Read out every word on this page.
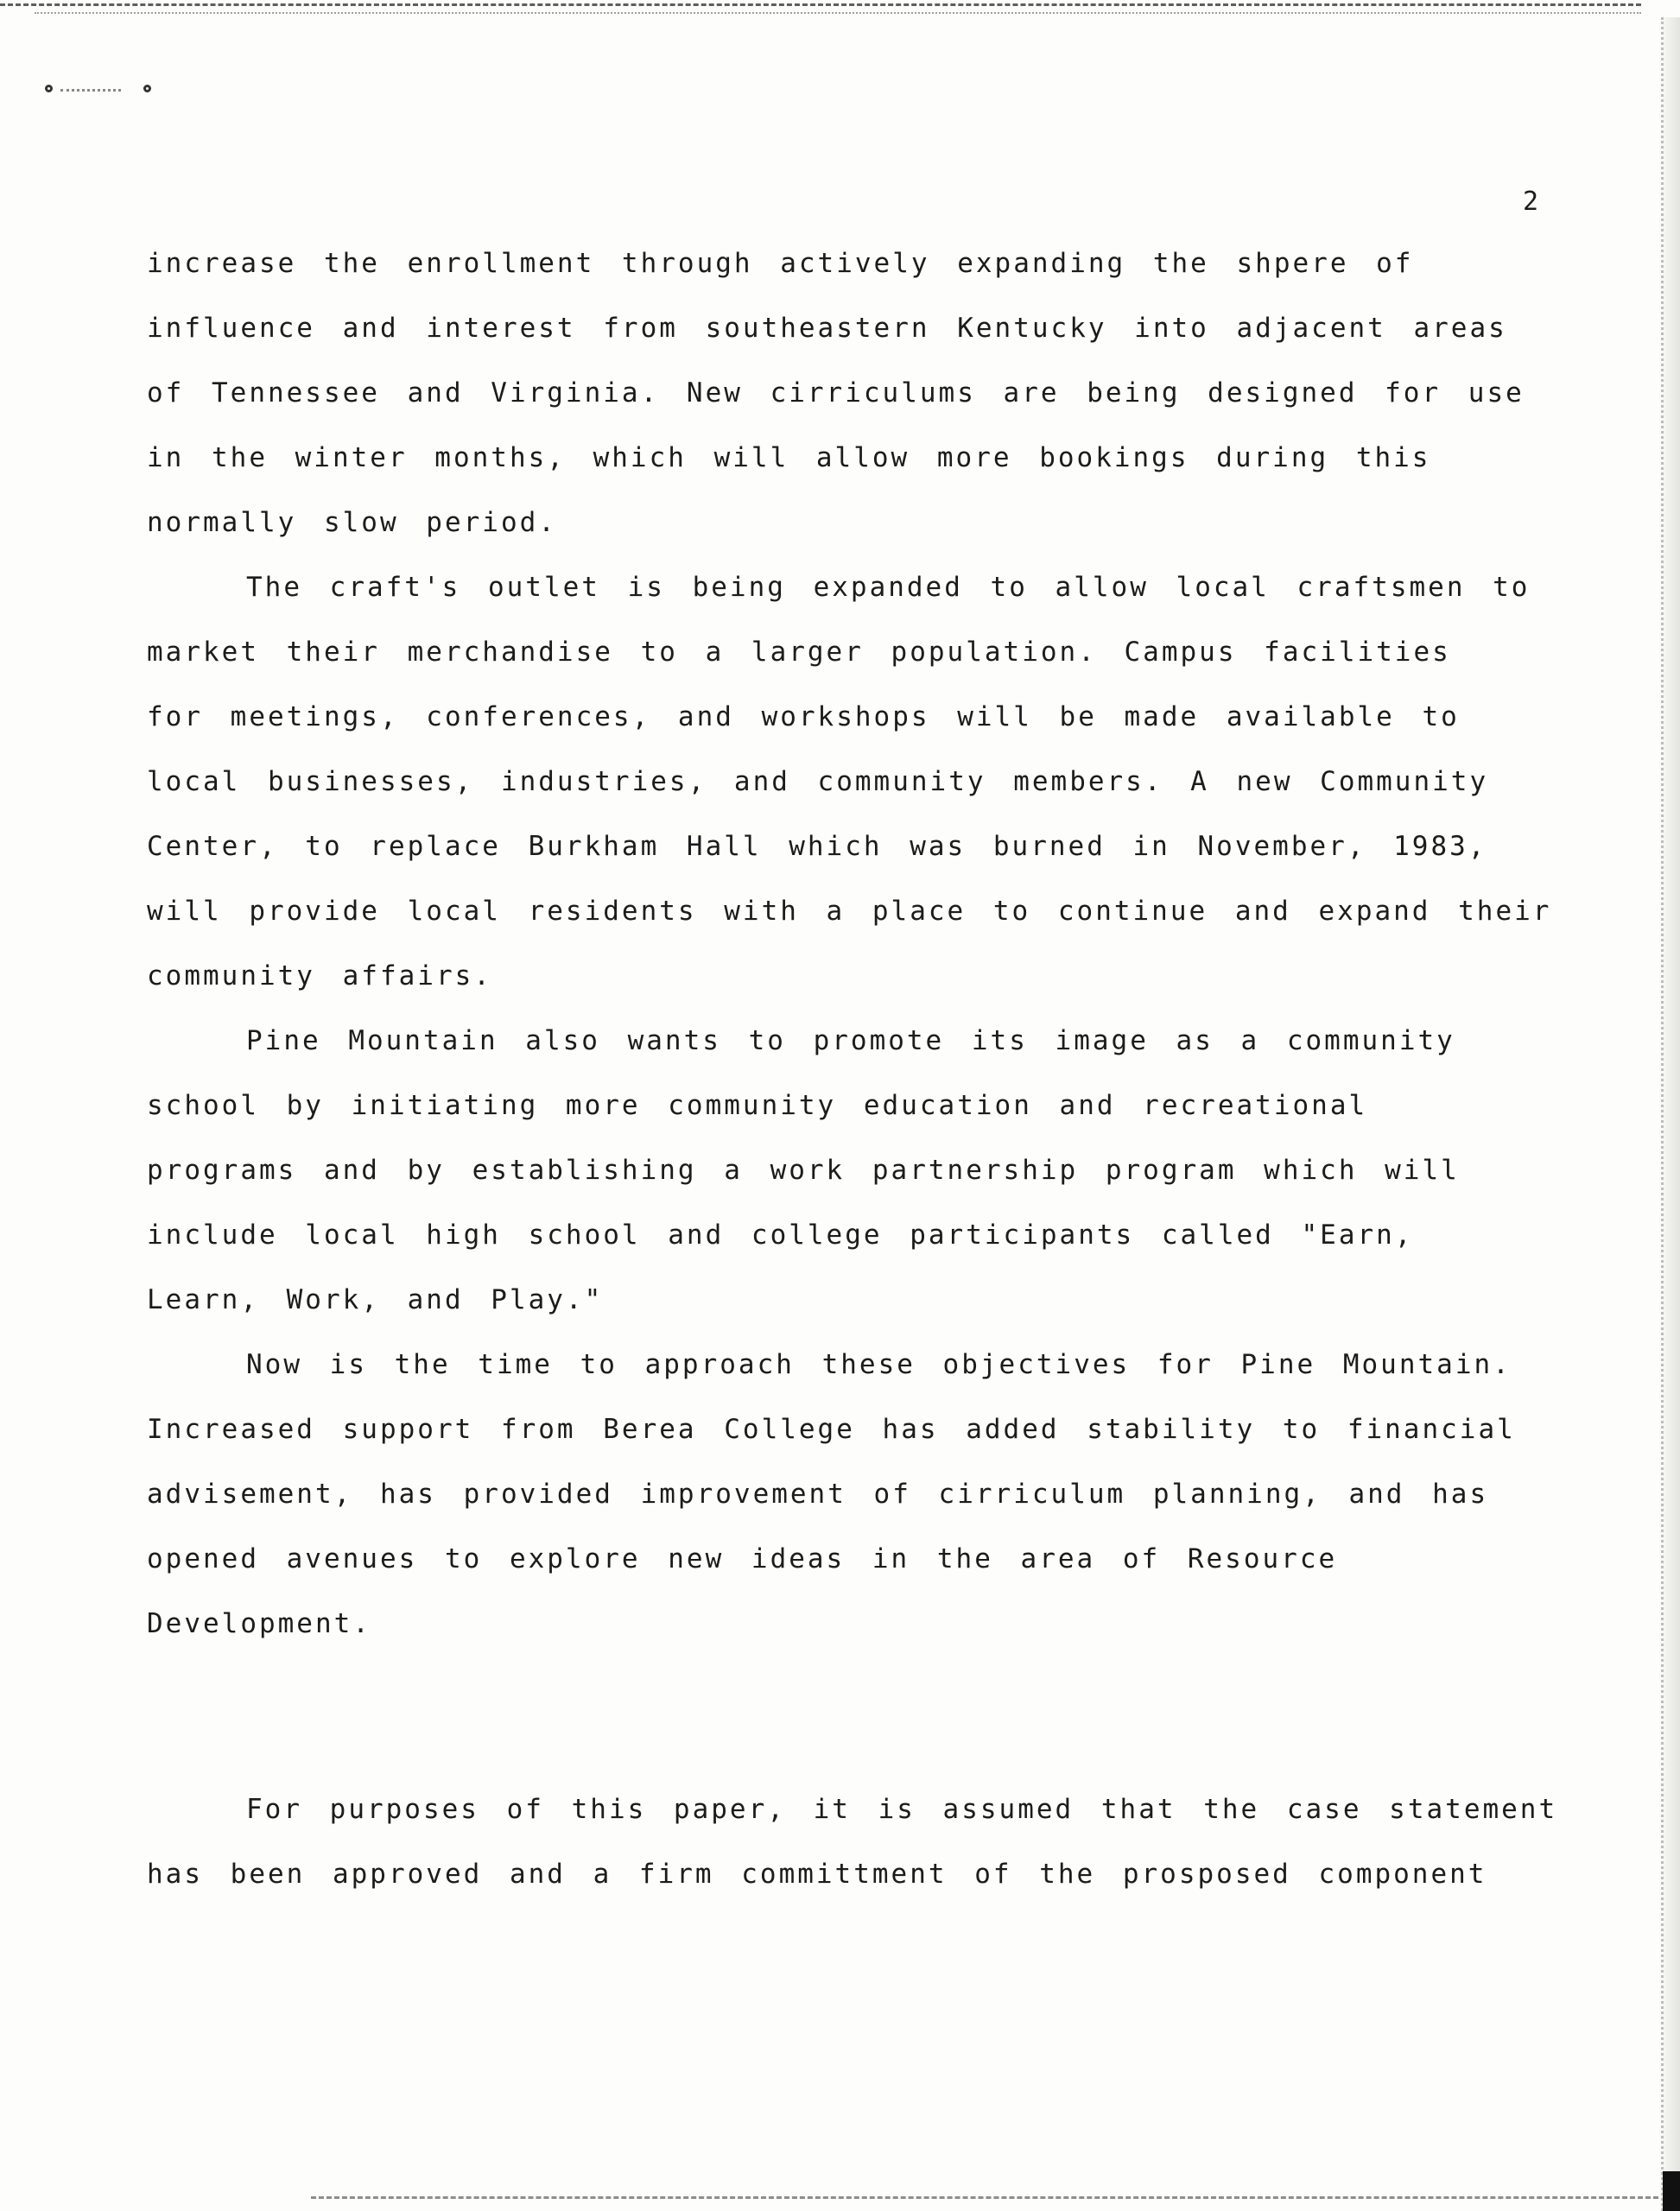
2
increase the enrollment through actively expanding the shpere of
influence and interest from southeastern Kentucky into adjacent areas
of Tennessee and Virginia. New cirriculums are being designed for use
in the winter months, which will allow more bookings during this
normally slow period.
The craft's outlet is being expanded to allow local craftsmen to
market their merchandise to a larger population. Campus facilities
for meetings, conferences, and workshops will be made available to
local businesses, industries, and community members. A new Community
Center, to replace Burkham Hall which was burned in November, 1983,
will provide local residents with a place to continue and expand their
community affairs.
Pine Mountain also wants to promote its image as a community
school by initiating more community education and recreational
programs and by establishing a work partnership program which will
include local high school and college participants called "Earn,
Learn, Work, and Play."
Now is the time to approach these objectives for Pine Mountain.
Increased support from Berea College has added stability to financial
advisement, has provided improvement of cirriculum planning, and has
opened avenues to explore new ideas in the area of Resource
Development.
For purposes of this paper, it is assumed that the case statement
has been approved and a firm committment of the prosposed component
